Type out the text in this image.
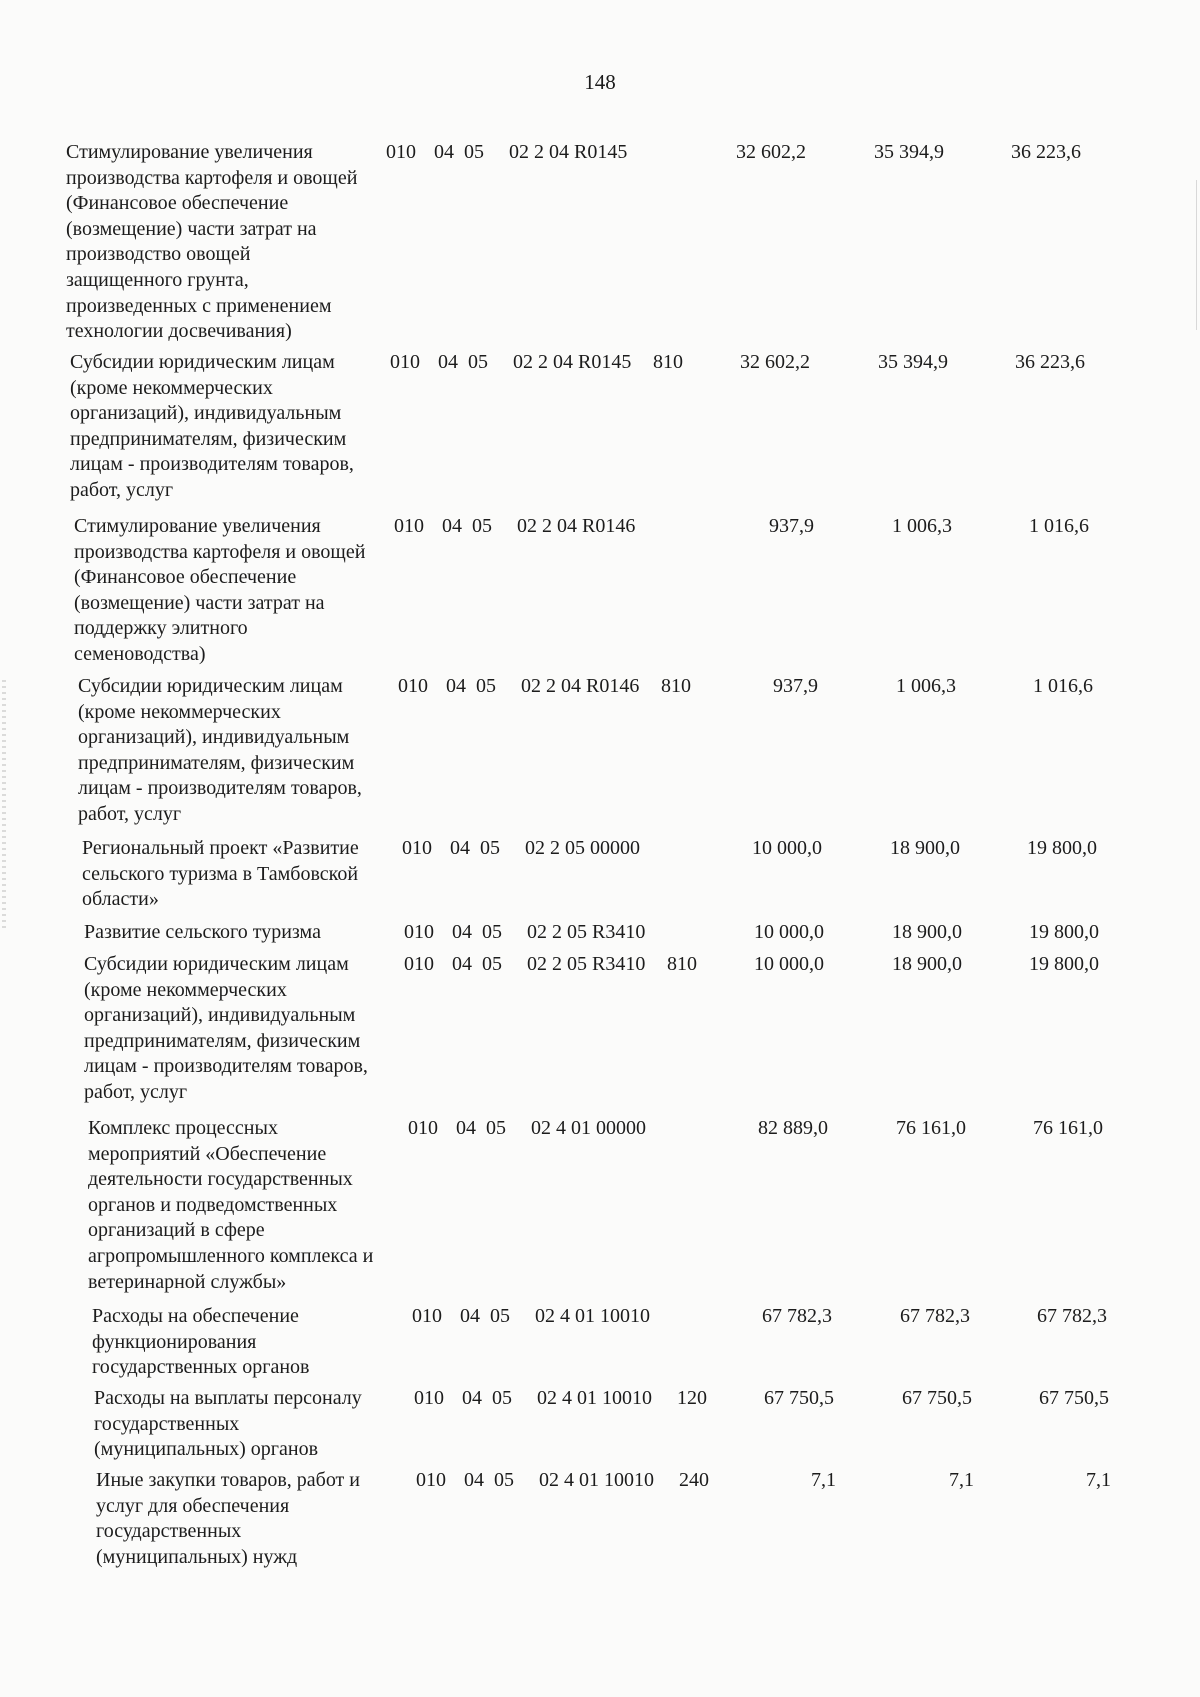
148
Стимулирование увеличения
производства картофеля и овощей
(Финансовое обеспечение
(возмещение) части затрат на
производство овощей
защищенного грунта,
произведенных с применением
технологии досвечивания)
010 04 05 02 2 04 R0145	32 602,2	35 394,9	36 223,6
Субсидии юридическим лицам
(кроме некоммерческих
организаций), индивидуальным
предпринимателям, физическим
лицам - производителям товаров,
работ, услуг
010 04 05 02 2 04 R0145 810	32 602,2	35 394,9	36 223,6
Стимулирование увеличения
производства картофеля и овощей
(Финансовое обеспечение
(возмещение) части затрат на
поддержку элитного
семеноводства)
010 04 05 02 2 04 R0146	937,9	1 006,3	1 016,6
Субсидии юридическим лицам
(кроме некоммерческих
организаций), индивидуальным
предпринимателям, физическим
лицам - производителям товаров,
работ, услуг
010 04 05 02 2 04 R0146 810	937,9	1 006,3	1 016,6
Региональный проект «Развитие
сельского туризма в Тамбовской
области»
010 04 05 02 2 05 00000	10 000,0	18 900,0	19 800,0
Развитие сельского туризма	010 04 05 02 2 05 R3410	10 000,0	18 900,0	19 800,0
Субсидии юридическим лицам
(кроме некоммерческих
организаций), индивидуальным
предпринимателям, физическим
лицам - производителям товаров,
работ, услуг
010 04 05 02 2 05 R3410 810	10 000,0	18 900,0	19 800,0
Комплекс процессных
мероприятий «Обеспечение
деятельности государственных
органов и подведомственных
организаций в сфере
агропромышленного комплекса и
ветеринарной службы»
010 04 05 02 4 01 00000	82 889,0	76 161,0	76 161,0
Расходы на обеспечение
функционирования
государственных органов
010 04 05 02 4 01 10010	67 782,3	67 782,3	67 782,3
Расходы на выплаты персоналу
государственных
(муниципальных) органов
010 04 05 02 4 01 10010 120	67 750,5	67 750,5	67 750,5
Иные закупки товаров, работ и
услуг для обеспечения
государственных
(муниципальных) нужд
010 04 05 02 4 01 10010 240	7,1	7,1	7,1
